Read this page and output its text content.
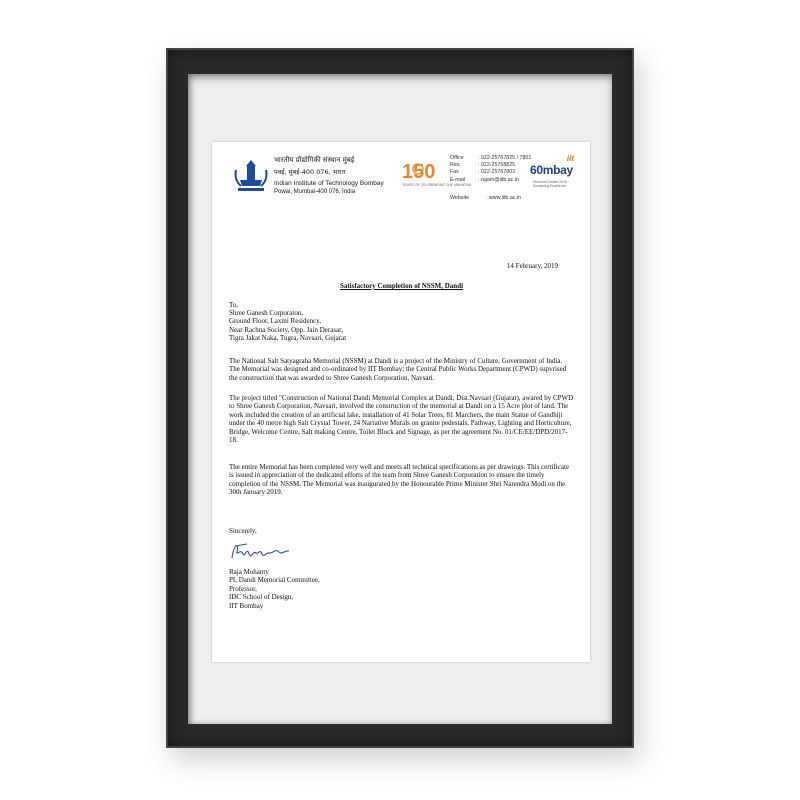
भारतीय प्रौद्योगिकी संस्थान मुंबई
पवई, मुंबई-400 076, भारत
Indian Institute of Technology Bombay
Powai, Mumbai-400 076, India
150
YEARS OF CELEBRATING THE MAHATMA
Office	: 022-25767825 / 7801
Res.	: 022-25768825
Fax	: 022-25767803
E-mail : rajam@iitb.ac.in
Website	: www.iitb.ac.in
iit
60mbay
Diamond Jubilee 2018 · Sustaining Excellence
14 February, 2019
Satisfactory Completion of NSSM, Dandi
To,
Shree Ganesh Corporaton,
Ground Floor, Laxmi Residency,
Near Rachna Society, Opp. Jain Derasar,
Tigra Jakat Naka, Tugra, Navsari, Gujarat
The National Salt Satyagraha Memorial (NSSM) at Dandi is a project of the Ministry of Culture, Government of India. The Memorial was designed and co-ordinated by IIT Bombay; the Central Public Works Department (CPWD) supvrised the construction that was awarded to Shree Ganesh Corporation, Navsari.
The project titled "Construction of National Dandi Memorial Complex at Dandi, Dist.Navsari (Gujarat), awared by CPWD to Shree Ganesh Corporation, Navsari, involved the construction of the memorial at Dandi on a 15 Acre plot of land. The work included the creation of an artificial lake, installation of 41 Solar Trees, 81 Marchers, the main Statue of Gandhiji under the 40 metre high Salt Crystal Tower, 24 Narrative Murals on granite pedestals, Pathway, Lighting and Horticulture, Bridge, Welcome Centre, Salt making Centre, Toilet Block and Signage, as per the agreement No. 01/CE/EE/DPD/2017-18.
The entire Memorial has been completed very well and meets all technical specifications as per drawings. This certificate is issued in appreciation of the dedicated efforts of the team from Shree Ganesh Corporation to ensure the timely completion of the NSSM. The Memorial was inaugurated by the Honourable Prime Minister Shri Narendra Modi on the 30th January 2019.
Sincerely,
Raja Mohanty
PI, Dandi Memorial Committee,
Professor,
IDC School of Design,
IIT Bombay
